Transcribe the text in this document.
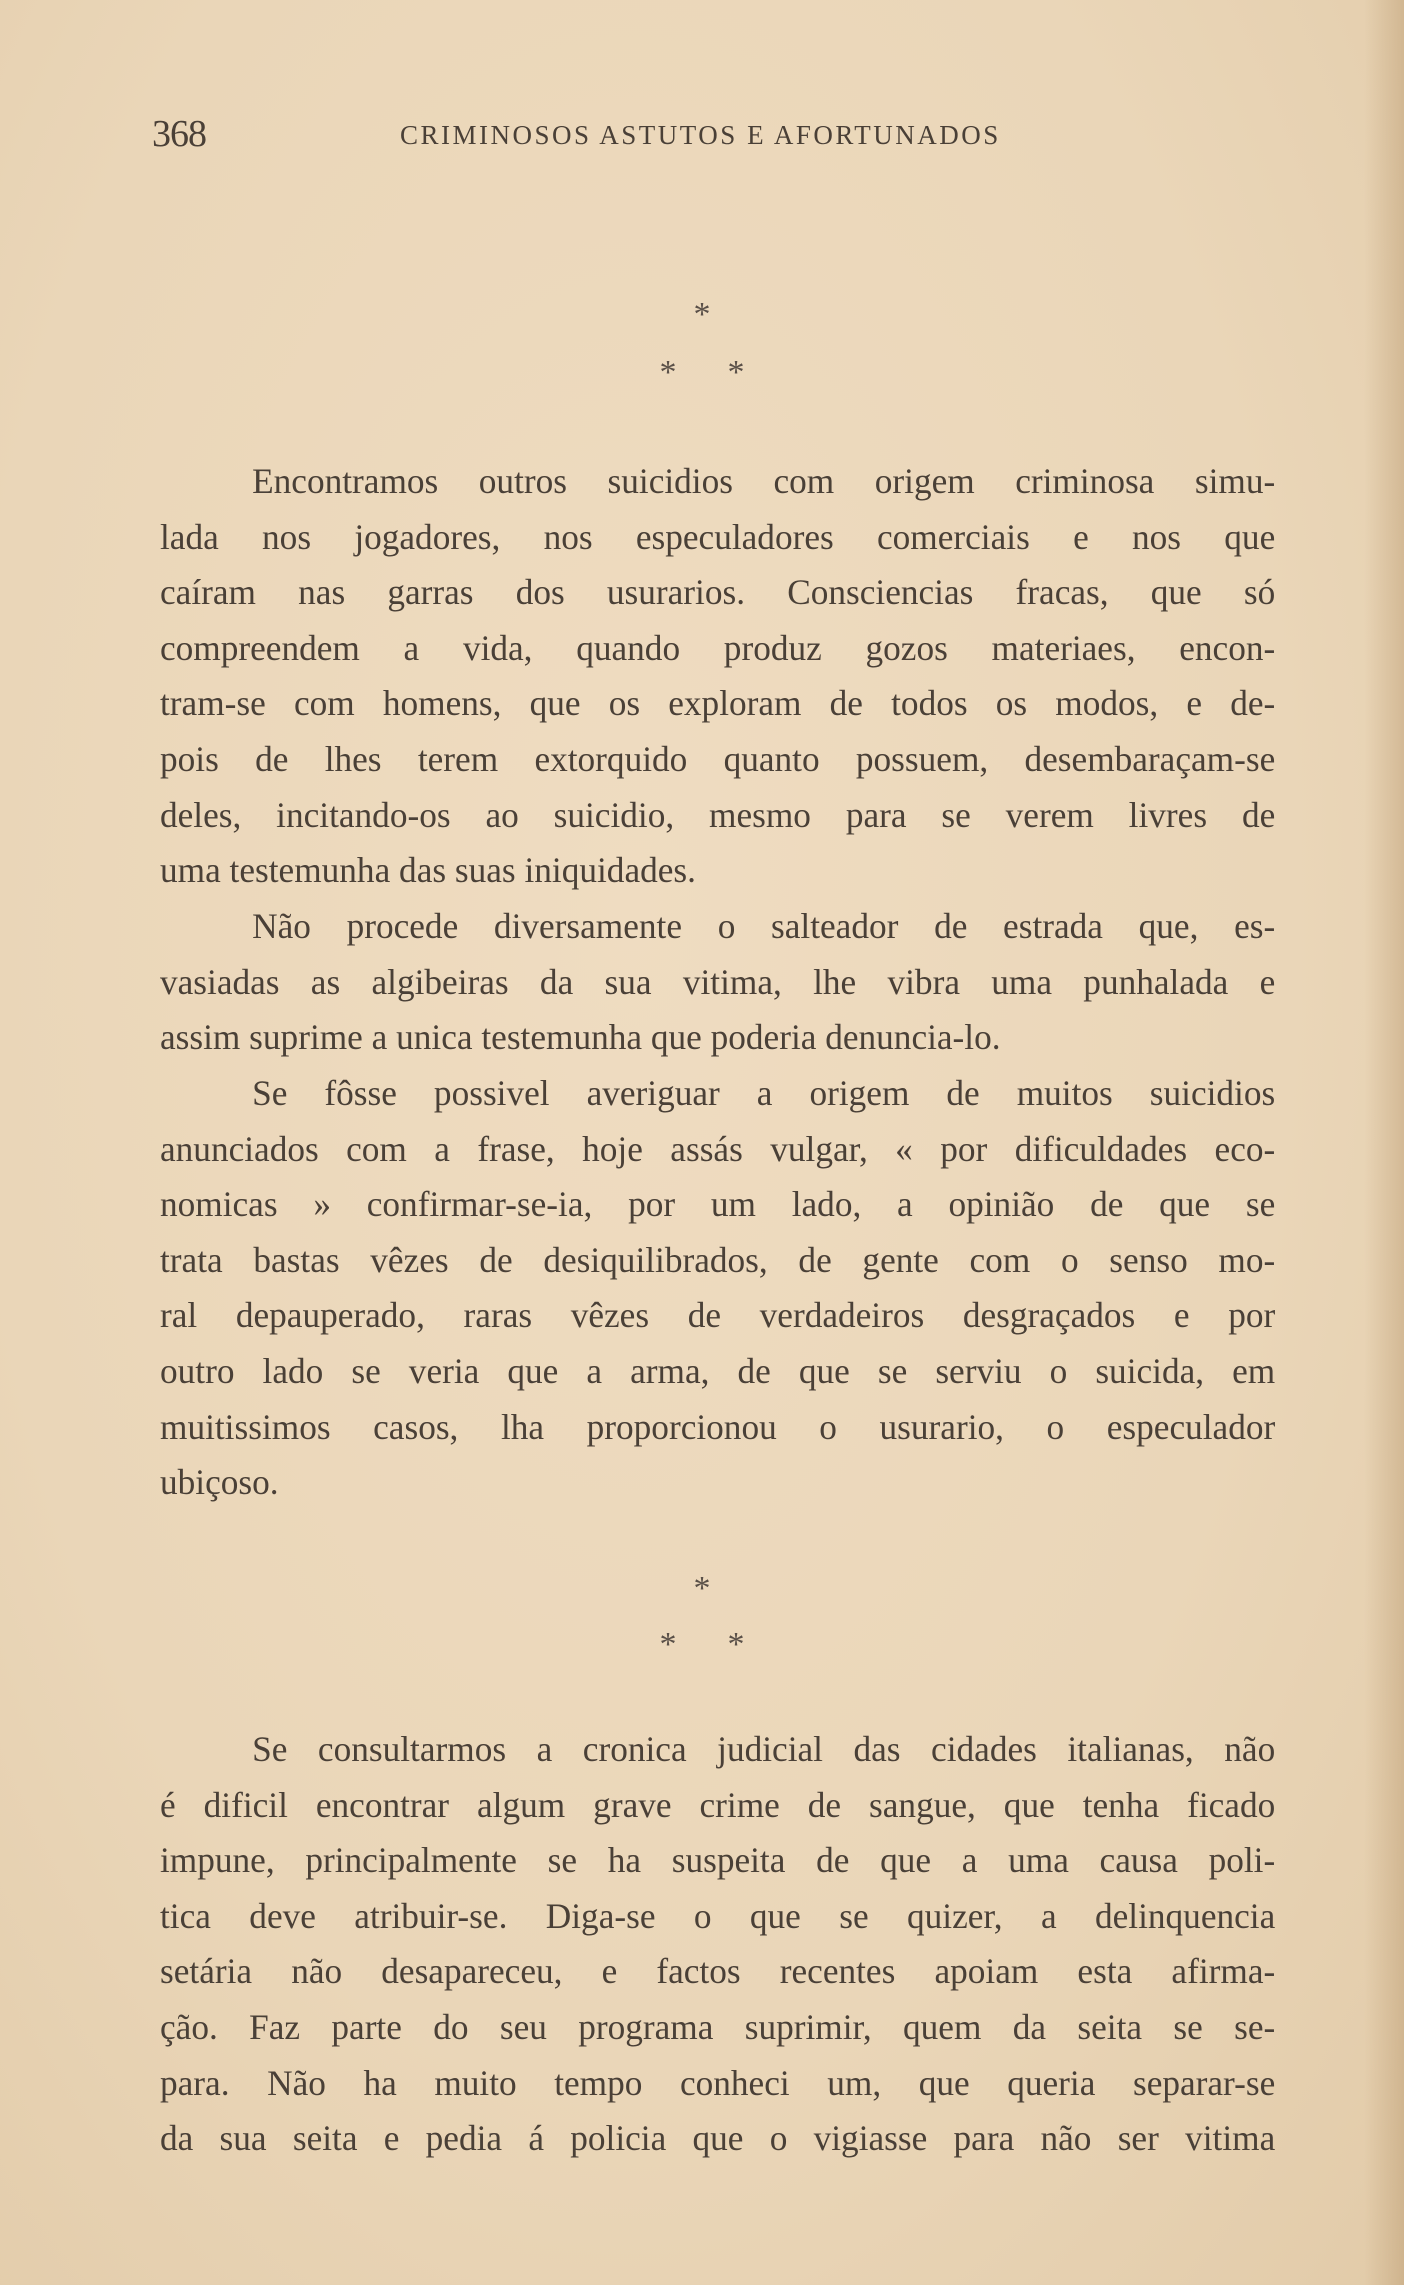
368	CRIMINOSOS ASTUTOS E AFORTUNADOS
*
*      *
Encontramos outros suicidios com origem criminosa simu-
lada nos jogadores, nos especuladores comerciais e nos que
caíram nas garras dos usurarios. Consciencias fracas, que só
compreendem a vida, quando produz gozos materiaes, encon-
tram-se com homens, que os exploram de todos os modos, e de-
pois de lhes terem extorquido quanto possuem, desembaraçam-se
deles, incitando-os ao suicidio, mesmo para se verem livres de
uma testemunha das suas iniquidades.
Não procede diversamente o salteador de estrada que, es-
vasiadas as algibeiras da sua vitima, lhe vibra uma punhalada e
assim suprime a unica testemunha que poderia denuncia-lo.
Se fôsse possivel averiguar a origem de muitos suicidios
anunciados com a frase, hoje assás vulgar, « por dificuldades eco-
nomicas » confirmar-se-ia, por um lado, a opinião de que se
trata bastas vêzes de desiquilibrados, de gente com o senso mo-
ral depauperado, raras vêzes de verdadeiros desgraçados e por
outro lado se veria que a arma, de que se serviu o suicida, em
muitissimos casos, lha proporcionou o usurario, o especulador
ubiçoso.
*
*      *
Se consultarmos a cronica judicial das cidades italianas, não
é dificil encontrar algum grave crime de sangue, que tenha ficado
impune, principalmente se ha suspeita de que a uma causa poli-
tica deve atribuir-se. Diga-se o que se quizer, a delinquencia
setária não desapareceu, e factos recentes apoiam esta afirma-
ção. Faz parte do seu programa suprimir, quem da seita se se-
para. Não ha muito tempo conheci um, que queria separar-se
da sua seita e pedia á policia que o vigiasse para não ser vitima
